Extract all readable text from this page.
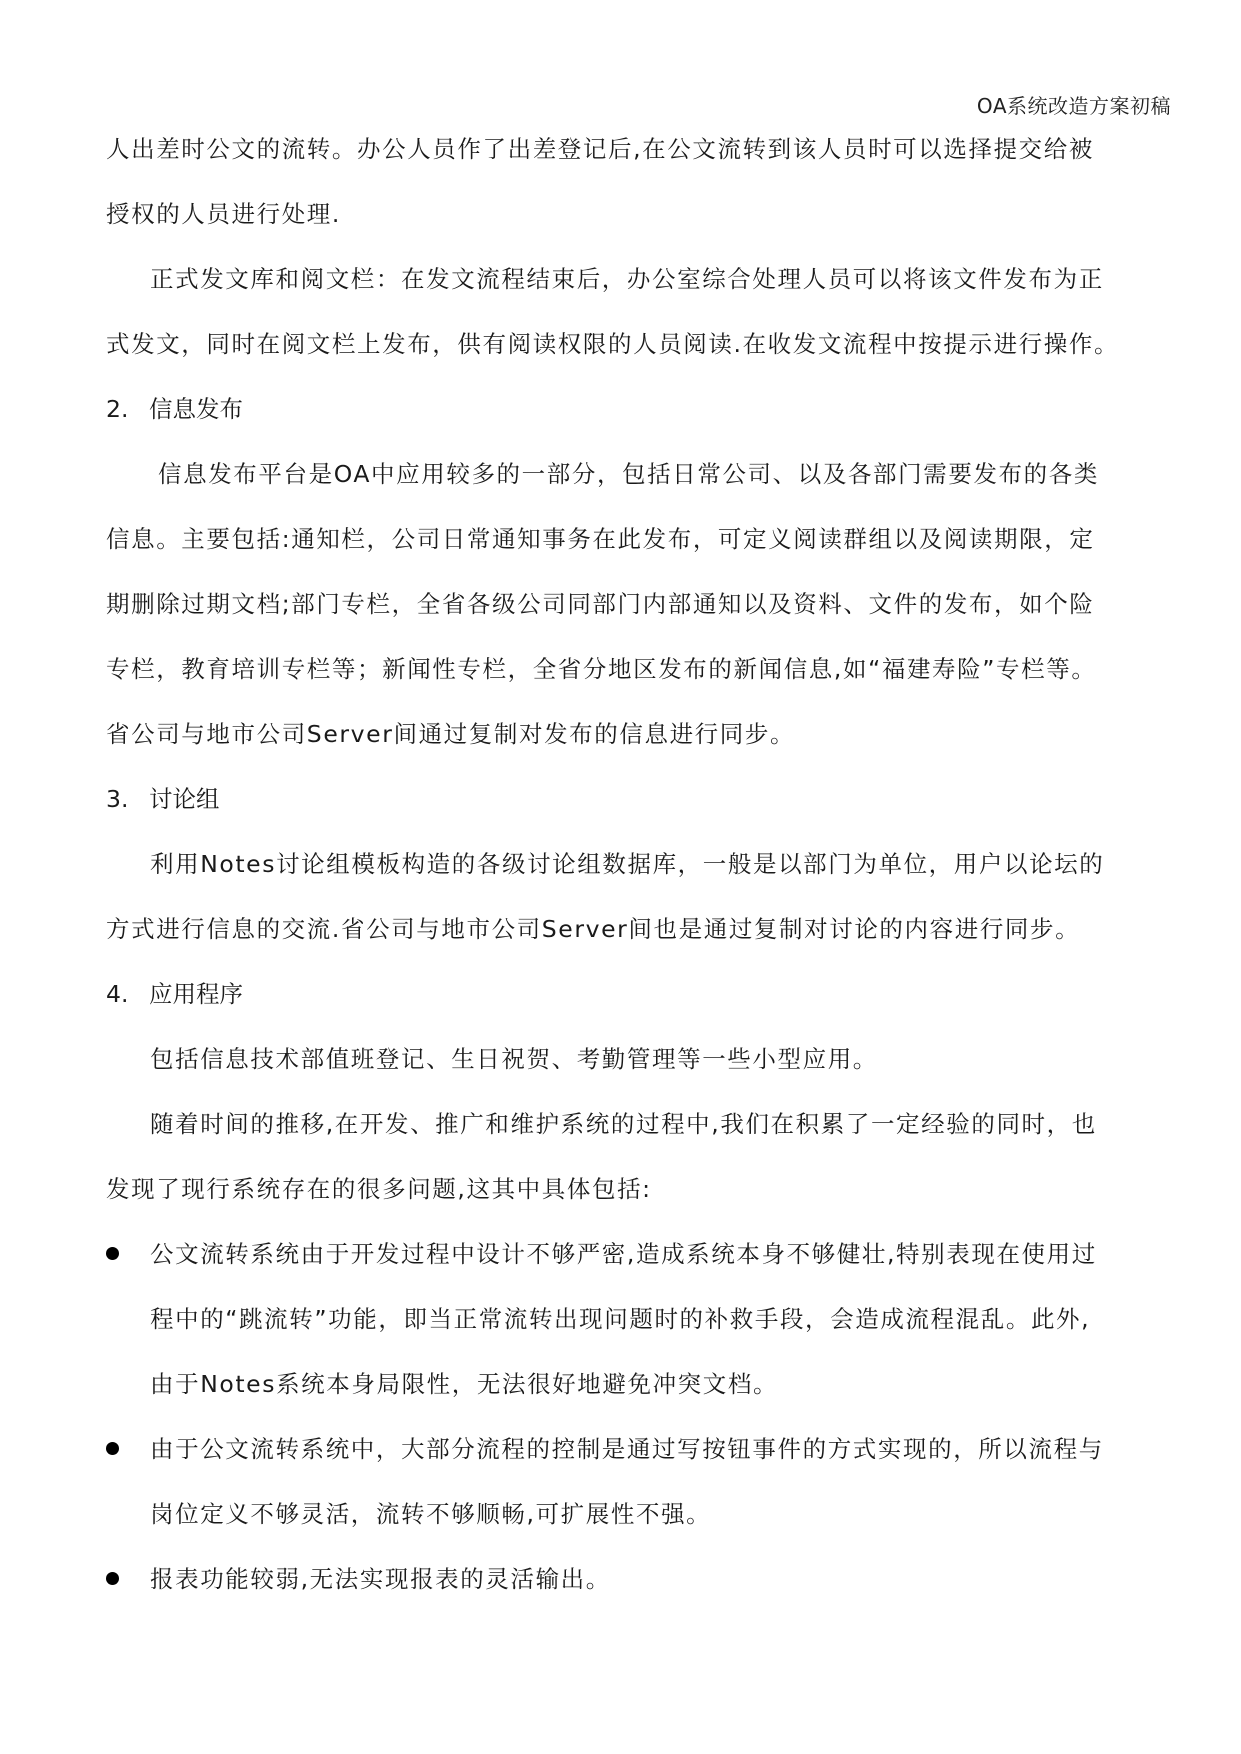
OA系统改造方案初稿
人出差时公文的流转。办公人员作了出差登记后,在公文流转到该人员时可以选择提交给被
授权的人员进行处理.
正式发文库和阅文栏：在发文流程结束后，办公室综合处理人员可以将该文件发布为正
式发文，同时在阅文栏上发布，供有阅读权限的人员阅读.在收发文流程中按提示进行操作。
2. 信息发布
信息发布平台是OA中应用较多的一部分，包括日常公司、以及各部门需要发布的各类
信息。主要包括:通知栏，公司日常通知事务在此发布，可定义阅读群组以及阅读期限，定
期删除过期文档;部门专栏，全省各级公司同部门内部通知以及资料、文件的发布，如个险
专栏，教育培训专栏等；新闻性专栏，全省分地区发布的新闻信息,如“福建寿险”专栏等。
省公司与地市公司Server间通过复制对发布的信息进行同步。
3. 讨论组
利用Notes讨论组模板构造的各级讨论组数据库，一般是以部门为单位，用户以论坛的
方式进行信息的交流.省公司与地市公司Server间也是通过复制对讨论的内容进行同步。
4. 应用程序
包括信息技术部值班登记、生日祝贺、考勤管理等一些小型应用。
随着时间的推移,在开发、推广和维护系统的过程中,我们在积累了一定经验的同时，也
发现了现行系统存在的很多问题,这其中具体包括:
公文流转系统由于开发过程中设计不够严密,造成系统本身不够健壮,特别表现在使用过
程中的“跳流转”功能，即当正常流转出现问题时的补救手段，会造成流程混乱。此外,
由于Notes系统本身局限性，无法很好地避免冲突文档。
由于公文流转系统中，大部分流程的控制是通过写按钮事件的方式实现的，所以流程与
岗位定义不够灵活，流转不够顺畅,可扩展性不强。
报表功能较弱,无法实现报表的灵活输出。
